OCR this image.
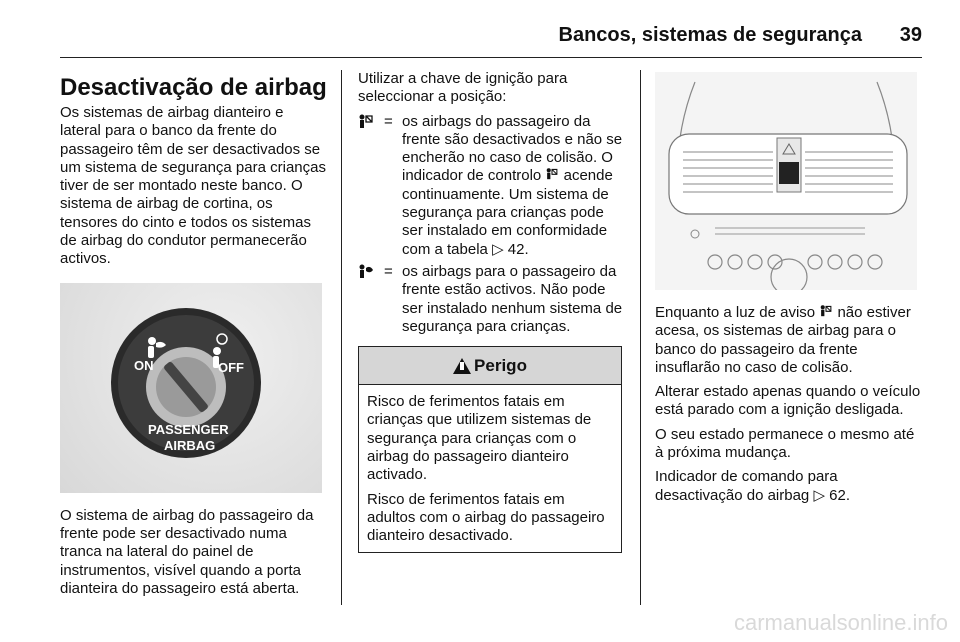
Bancos, sistemas de segurança 39
Desactivação de airbag

Os sistemas de airbag dianteiro e lateral para o banco da frente do passageiro têm de ser desactivados se um sistema de segurança para crianças tiver de ser montado neste banco. O sistema de airbag de cortina, os tensores do cinto e todos os sistemas de airbag do condutor permanecerão activos.

ON	OFF
PASSENGER
AIRBAG

O sistema de airbag do passageiro da frente pode ser desactivado numa tranca na lateral do painel de instrumentos, visível quando a porta dianteira do passageiro está aberta.

Utilizar a chave de ignição para seleccionar a posição:

= os airbags do passageiro da frente são desactivados e não se encherão no caso de colisão. O indicador de controlo  acende continuamente. Um sistema de segurança para crianças pode ser instalado em conformidade com a tabela ▷ 42.
= os airbags para o passageiro da frente estão activos. Não pode ser instalado nenhum sistema de segurança para crianças.
Perigo

Risco de ferimentos fatais em crianças que utilizem sistemas de segurança para crianças com o airbag do passageiro dianteiro activado.

Risco de ferimentos fatais em adultos com o airbag do passageiro dianteiro desactivado.

Enquanto a luz de aviso  não estiver acesa, os sistemas de airbag para o banco do passageiro da frente insuflarão no caso de colisão.

Alterar estado apenas quando o veículo está parado com a ignição desligada.

O seu estado permanece o mesmo até à próxima mudança.

Indicador de comando para desactivação do airbag ▷ 62.

carmanualsonline.info
